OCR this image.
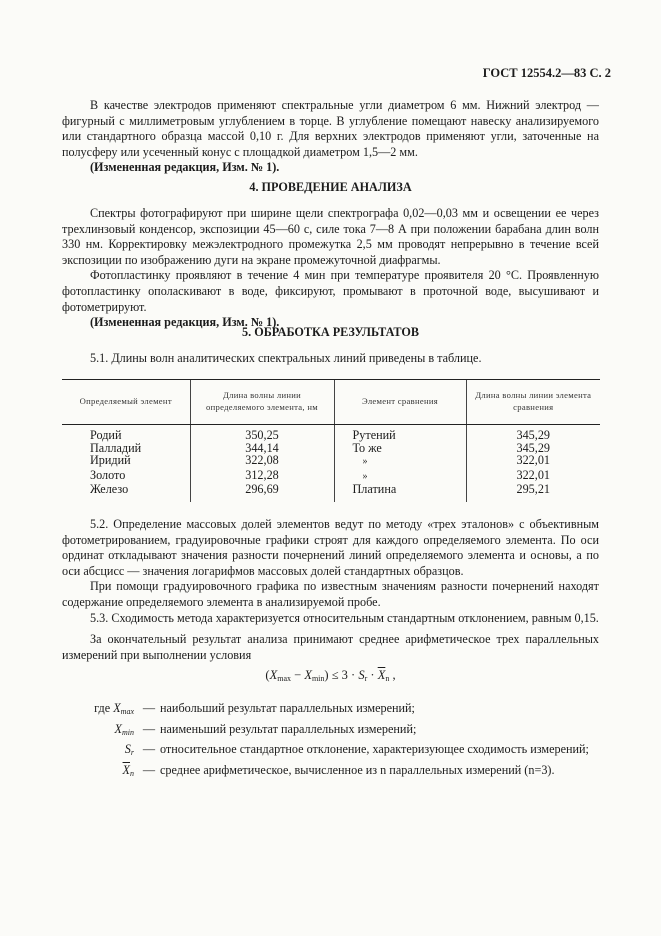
ГОСТ 12554.2—83 С. 2

В качестве электродов применяют спектральные угли диаметром 6 мм. Нижний электрод — фигурный с миллиметровым углублением в торце. В углубление помещают навеску анализируемого или стандартного образца массой 0,10 г. Для верхних электродов применяют угли, заточенные на полусферу или усеченный конус с площадкой диаметром 1,5—2 мм.

(Измененная редакция, Изм. № 1).

4. ПРОВЕДЕНИЕ АНАЛИЗА

Спектры фотографируют при ширине щели спектрографа 0,02—0,03 мм и освещении ее через трехлинзовый конденсор, экспозиции 45—60 с, силе тока 7—8 А при положении барабана длин волн 330 нм. Корректировку межэлектродного промежутка 2,5 мм проводят непрерывно в течение всей экспозиции по изображению дуги на экране промежуточной диафрагмы.

Фотопластинку проявляют в течение 4 мин при температуре проявителя 20 °С. Проявленную фотопластинку ополаскивают в воде, фиксируют, промывают в проточной воде, высушивают и фотометрируют.

(Измененная редакция, Изм. № 1).

5. ОБРАБОТКА РЕЗУЛЬТАТОВ

5.1. Длины волн аналитических спектральных линий приведены в таблице.

Определяемый элемент	Длина волны линии определяемого элемента, нм	Элемент сравнения	Длина волны линии элемента сравнения
Родий	350,25	Рутений	345,29
Палладий	344,14	То же	345,29
Иридий	322,08	»	322,01
Золото	312,28	»	322,01
Железо	296,69	Платина	295,21

5.2. Определение массовых долей элементов ведут по методу «трех эталонов» с объективным фотометрированием, градуировочные графики строят для каждого определяемого элемента. По оси ординат откладывают значения разности почернений линий определяемого элемента и основы, а по оси абсцисс — значения логарифмов массовых долей стандартных образцов.

При помощи градуировочного графика по известным значениям разности почернений находят содержание определяемого элемента в анализируемой пробе.

5.3. Сходимость метода характеризуется относительным стандартным отклонением, равным 0,15.

За окончательный результат анализа принимают среднее арифметическое трех параллельных измерений при выполнении условия

$(X_{max} - X_{min}) \le 3 \cdot S_r \cdot \overline{X}_n$ ,
где $X_{max}$ — наибольший результат параллельных измерений;
$X_{min}$ — наименьший результат параллельных измерений;
$S_r$ — относительное стандартное отклонение, характеризующее сходимость измерений;
$\overline{X}_n$ — среднее арифметическое, вычисленное из n параллельных измерений (n=3).
